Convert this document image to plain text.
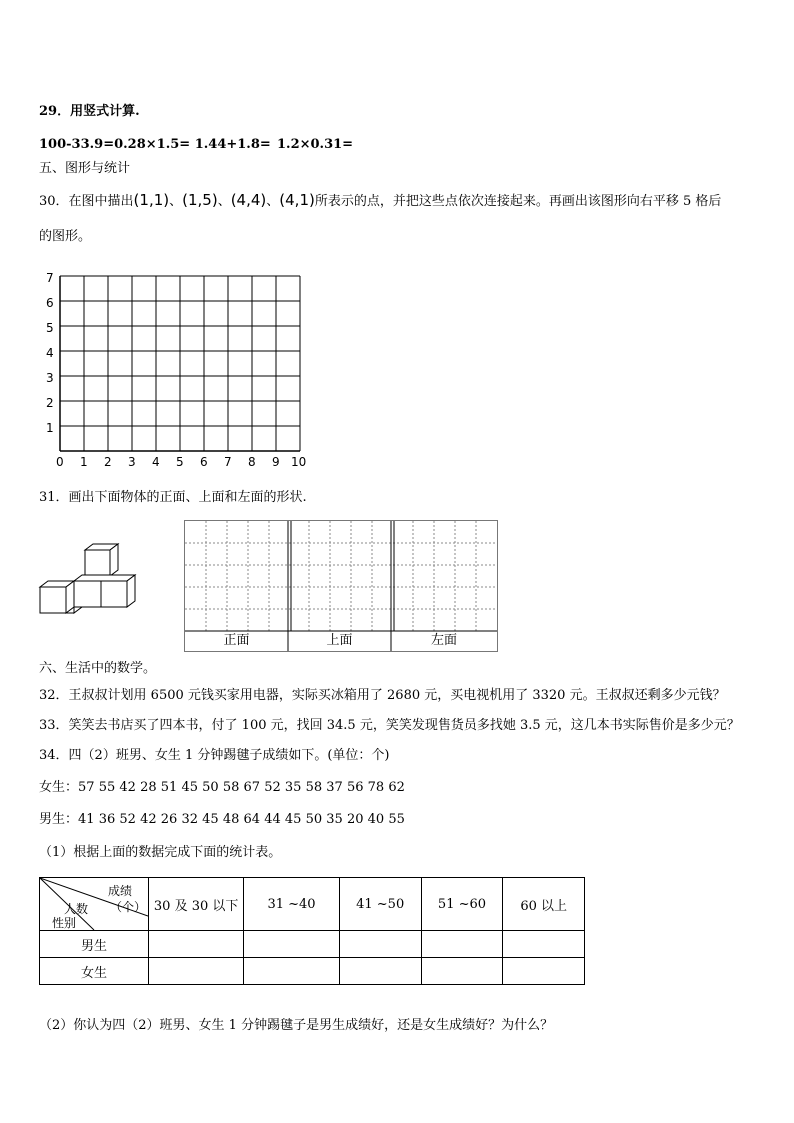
29．用竖式计算.
100-33.9=0.28×1.5= 1.44+1.8= 1.2×0.31=
五、图形与统计
30．在图中描出(1,1)、(1,5)、(4,4)、(4,1)所表示的点，并把这些点依次连接起来。再画出该图形向右平移 5 格后
的图形。
7
6
5
4
3
2
1
0 1 2 3 4 5 6 7 8 9 10
31．画出下面物体的正面、上面和左面的形状.
正面	上面	左面
六、生活中的数学。
32．王叔叔计划用 6500 元钱买家用电器，实际买冰箱用了 2680 元，买电视机用了 3320 元。王叔叔还剩多少元钱？
33．笑笑去书店买了四本书，付了 100 元，找回 34.5 元，笑笑发现售货员多找她 3.5 元，这几本书实际售价是多少元？
34．四（2）班男、女生 1 分钟踢毽子成绩如下。(单位：个)
女生：57 55 42 28 51 45 50 58 67 52 35 58 37 56 78 62
男生：41 36 52 42 26 32 45 48 64 44 45 50 35 20 40 55
（1）根据上面的数据完成下面的统计表。
成绩
（个）
人数
性别	30 及 30 以下	31 ~40	41 ~50	51 ~60	60 以上
男生					
女生					
（2）你认为四（2）班男、女生 1 分钟踢毽子是男生成绩好，还是女生成绩好？为什么？
